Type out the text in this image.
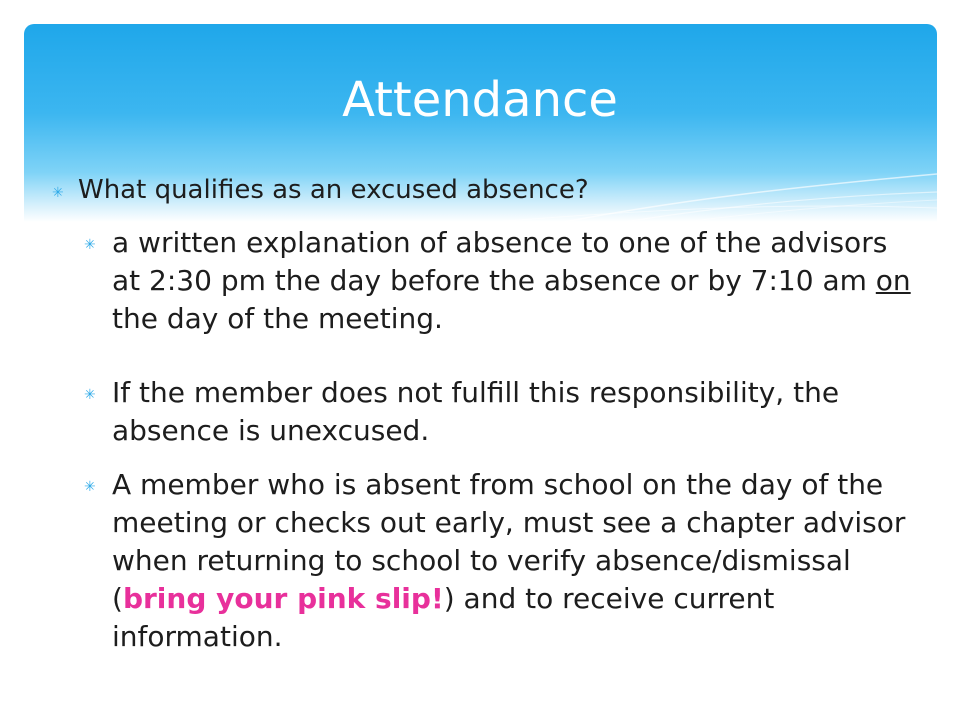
Attendance
✳ What qualifies as an excused absence?
✳ a written explanation of absence to one of the advisors at 2:30 pm the day before the absence or by 7:10 am on the day of the meeting.
✳ If the member does not fulfill this responsibility, the absence is unexcused.
✳ A member who is absent from school on the day of the meeting or checks out early, must see a chapter advisor when returning to school to verify absence/dismissal (bring your pink slip!) and to receive current information.
